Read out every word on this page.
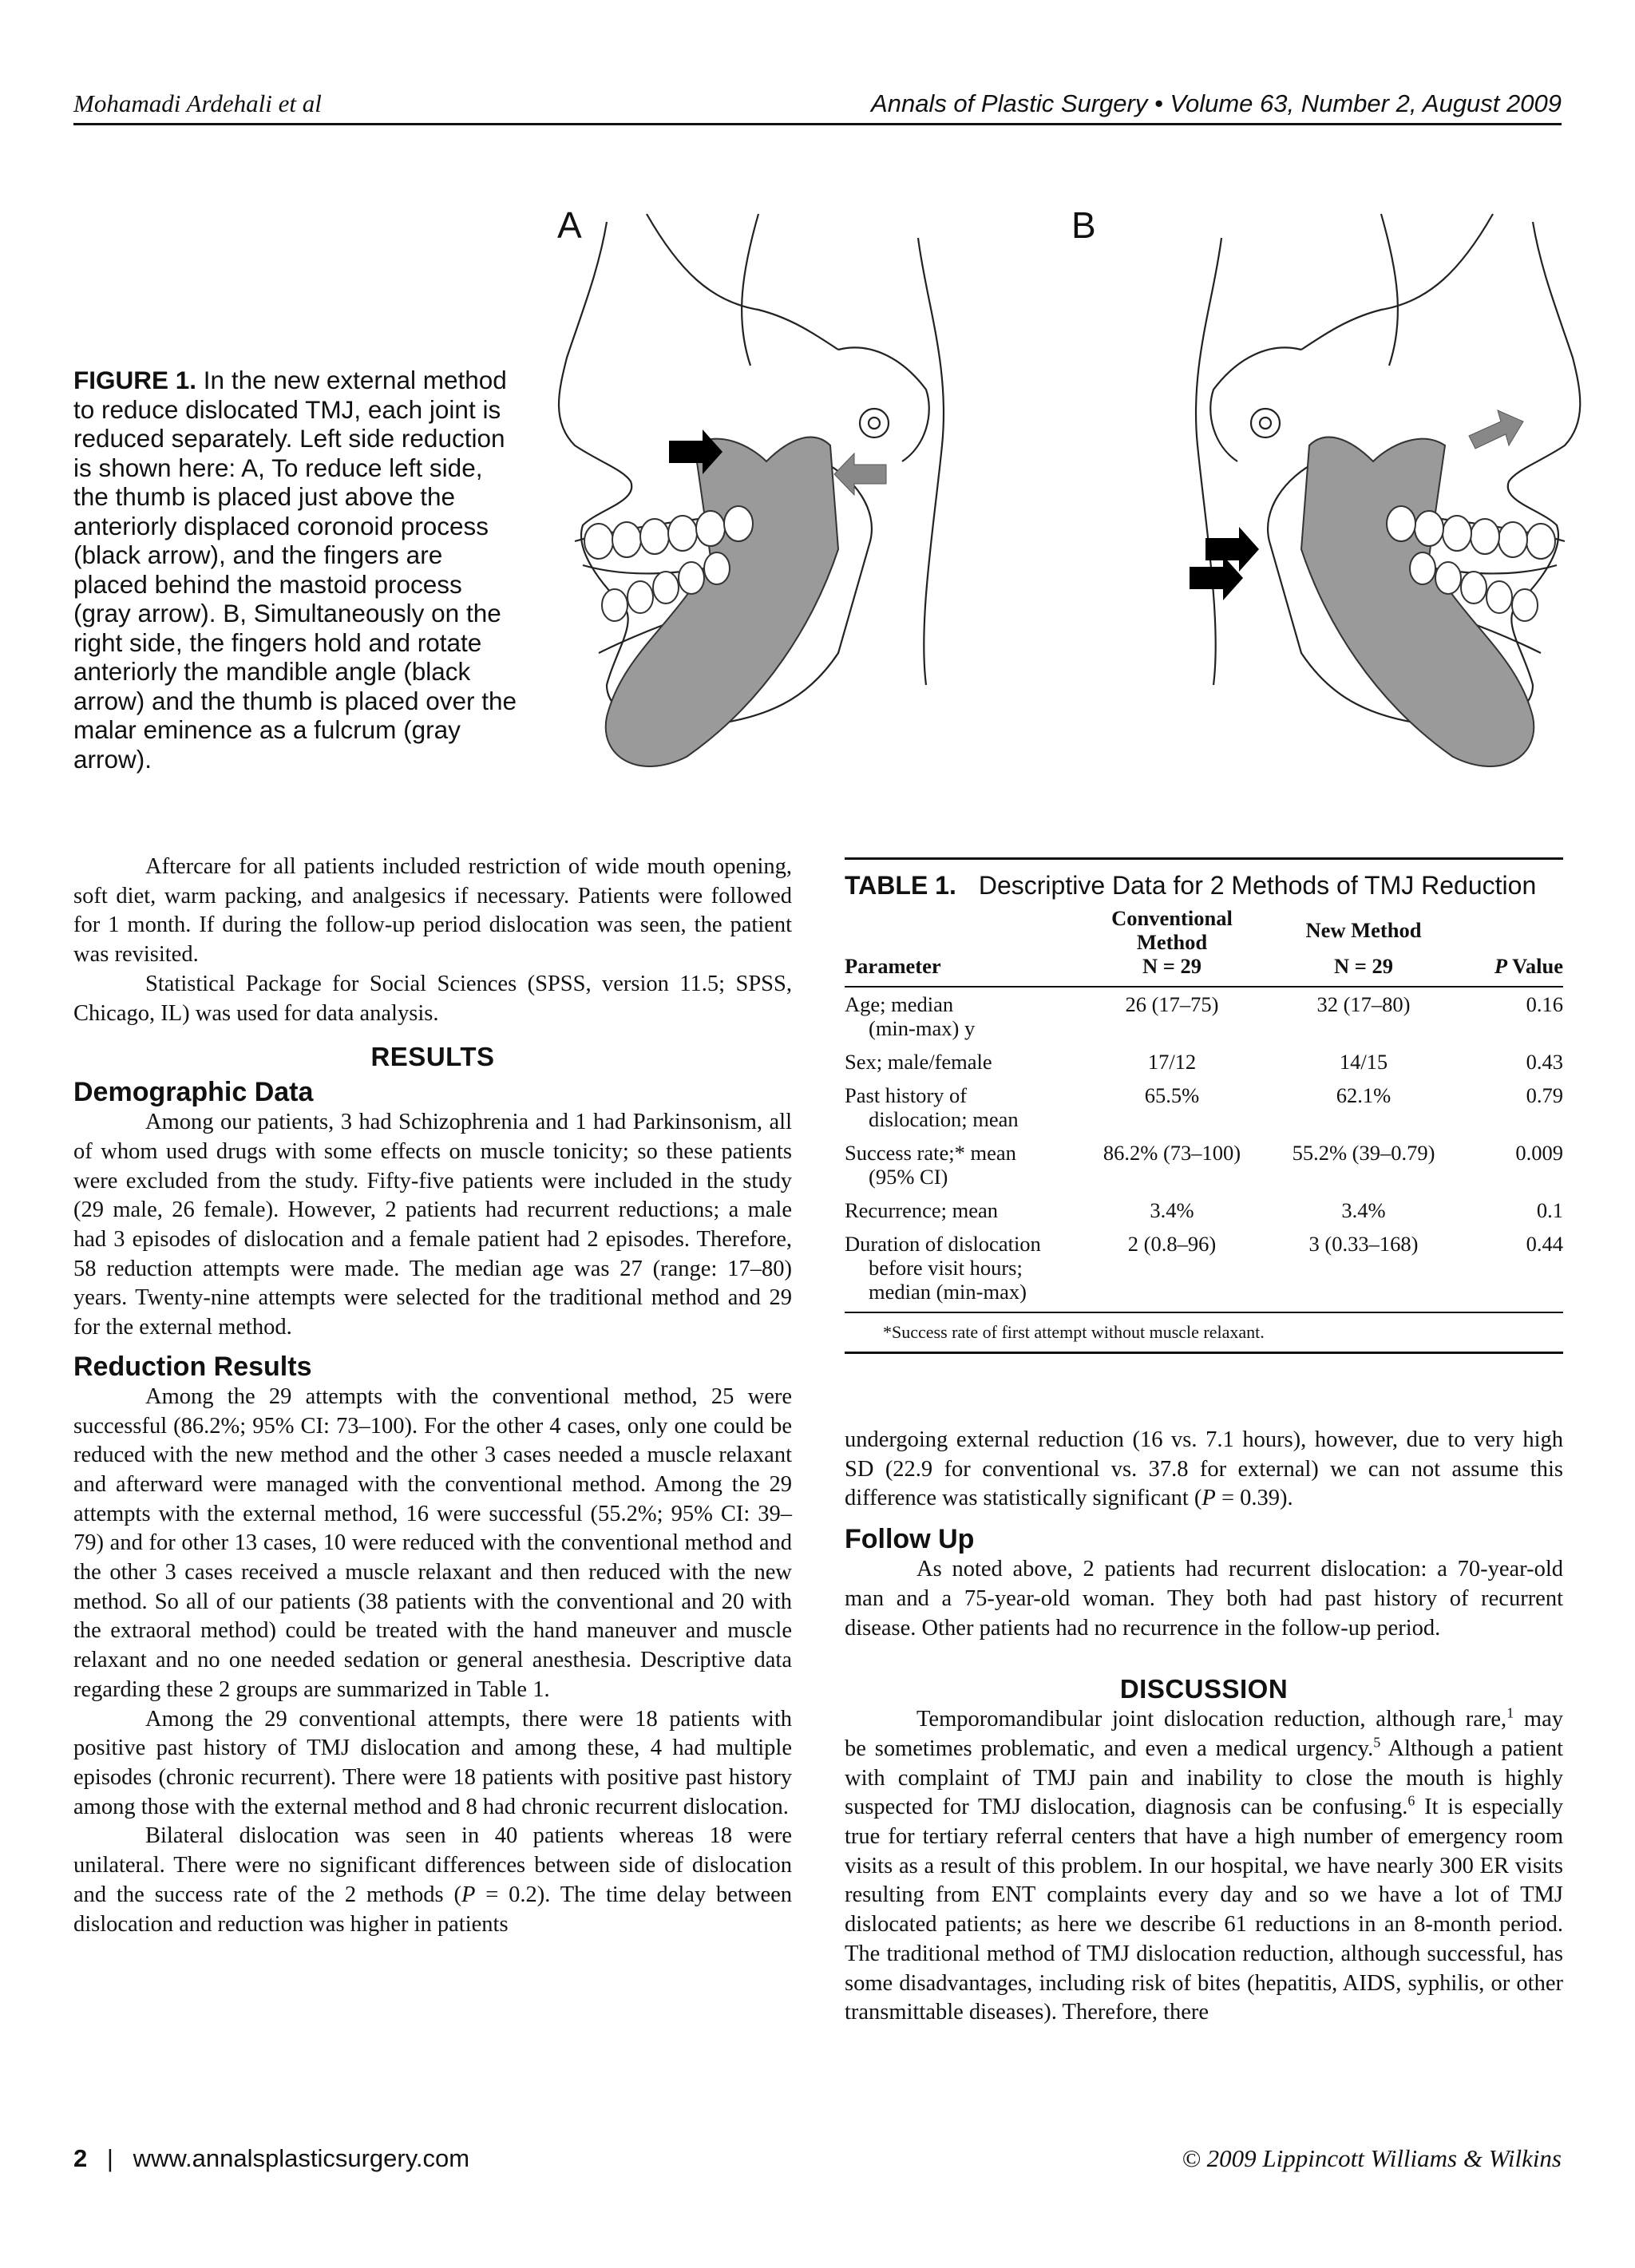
Mohamadi Ardehali et al	Annals of Plastic Surgery • Volume 63, Number 2, August 2009
A	B
FIGURE 1. In the new external method to reduce dislocated TMJ, each joint is reduced separately. Left side reduction is shown here: A, To reduce left side, the thumb is placed just above the anteriorly displaced coronoid process (black arrow), and the fingers are placed behind the mastoid process (gray arrow). B, Simultaneously on the right side, the fingers hold and rotate anteriorly the mandible angle (black arrow) and the thumb is placed over the malar eminence as a fulcrum (gray arrow).

Aftercare for all patients included restriction of wide mouth opening, soft diet, warm packing, and analgesics if necessary. Patients were followed for 1 month. If during the follow-up period dislocation was seen, the patient was revisited.

Statistical Package for Social Sciences (SPSS, version 11.5; SPSS, Chicago, IL) was used for data analysis.

RESULTS
Demographic Data

Among our patients, 3 had Schizophrenia and 1 had Parkinsonism, all of whom used drugs with some effects on muscle tonicity; so these patients were excluded from the study. Fifty-five patients were included in the study (29 male, 26 female). However, 2 patients had recurrent reductions; a male had 3 episodes of dislocation and a female patient had 2 episodes. Therefore, 58 reduction attempts were made. The median age was 27 (range: 17–80) years. Twenty-nine attempts were selected for the traditional method and 29 for the external method.

Reduction Results

Among the 29 attempts with the conventional method, 25 were successful (86.2%; 95% CI: 73–100). For the other 4 cases, only one could be reduced with the new method and the other 3 cases needed a muscle relaxant and afterward were managed with the conventional method. Among the 29 attempts with the external method, 16 were successful (55.2%; 95% CI: 39–79) and for other 13 cases, 10 were reduced with the conventional method and the other 3 cases received a muscle relaxant and then reduced with the new method. So all of our patients (38 patients with the conventional and 20 with the extraoral method) could be treated with the hand maneuver and muscle relaxant and no one needed sedation or general anesthesia. Descriptive data regarding these 2 groups are summarized in Table 1.

Among the 29 conventional attempts, there were 18 patients with positive past history of TMJ dislocation and among these, 4 had multiple episodes (chronic recurrent). There were 18 patients with positive past history among those with the external method and 8 had chronic recurrent dislocation.

Bilateral dislocation was seen in 40 patients whereas 18 were unilateral. There were no significant differences between side of dislocation and the success rate of the 2 methods (P = 0.2). The time delay between dislocation and reduction was higher in patients

TABLE 1. Descriptive Data for 2 Methods of TMJ Reduction
	Conventional Method	New Method	
Parameter	N = 29	N = 29	P Value

Age; median
(min-max) y	26 (17–75)	32 (17–80)	0.16
Sex; male/female	17/12	14/15	0.43
Past history of
dislocation; mean	65.5%	62.1%	0.79
Success rate;* mean
(95% CI)	86.2% (73–100)	55.2% (39–0.79)	0.009
Recurrence; mean	3.4%	3.4%	0.1
Duration of dislocation
before visit hours;
median (min-max)	2 (0.8–96)	3 (0.33–168)	0.44
*Success rate of first attempt without muscle relaxant.

undergoing external reduction (16 vs. 7.1 hours), however, due to very high SD (22.9 for conventional vs. 37.8 for external) we can not assume this difference was statistically significant (P = 0.39).

Follow Up

As noted above, 2 patients had recurrent dislocation: a 70-year-old man and a 75-year-old woman. They both had past history of recurrent disease. Other patients had no recurrence in the follow-up period.

DISCUSSION

Temporomandibular joint dislocation reduction, although rare,$^1$ may be sometimes problematic, and even a medical urgency.$^5$ Although a patient with complaint of TMJ pain and inability to close the mouth is highly suspected for TMJ dislocation, diagnosis can be confusing.$^6$ It is especially true for tertiary referral centers that have a high number of emergency room visits as a result of this problem. In our hospital, we have nearly 300 ER visits resulting from ENT complaints every day and so we have a lot of TMJ dislocated patients; as here we describe 61 reductions in an 8-month period. The traditional method of TMJ dislocation reduction, although successful, has some disadvantages, including risk of bites (hepatitis, AIDS, syphilis, or other transmittable diseases). Therefore, there

2 | www.annalsplasticsurgery.com	© 2009 Lippincott Williams & Wilkins
